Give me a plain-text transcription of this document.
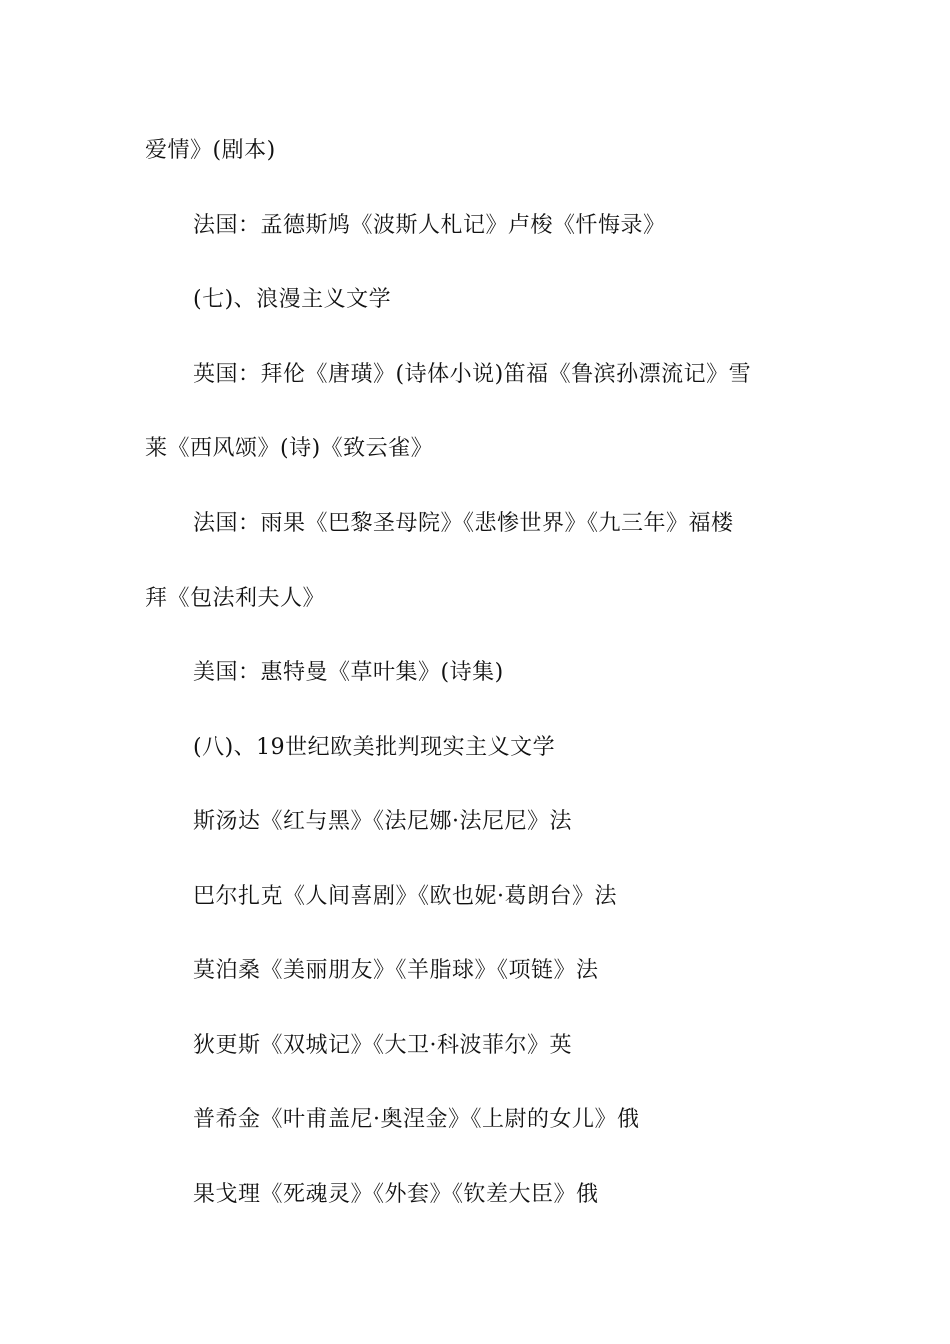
爱情》(剧本)
法国：孟德斯鸠《波斯人札记》卢梭《忏悔录》
(七)、浪漫主义文学
英国：拜伦《唐璜》(诗体小说)笛福《鲁滨孙漂流记》雪
莱《西风颂》(诗)《致云雀》
法国：雨果《巴黎圣母院》《悲惨世界》《九三年》福楼
拜《包法利夫人》
美国：惠特曼《草叶集》(诗集)
(八)、19世纪欧美批判现实主义文学
斯汤达《红与黑》《法尼娜·法尼尼》法
巴尔扎克《人间喜剧》《欧也妮·葛朗台》法
莫泊桑《美丽朋友》《羊脂球》《项链》法
狄更斯《双城记》《大卫·科波菲尔》英
普希金《叶甫盖尼·奥涅金》《上尉的女儿》俄
果戈理《死魂灵》《外套》《钦差大臣》俄
